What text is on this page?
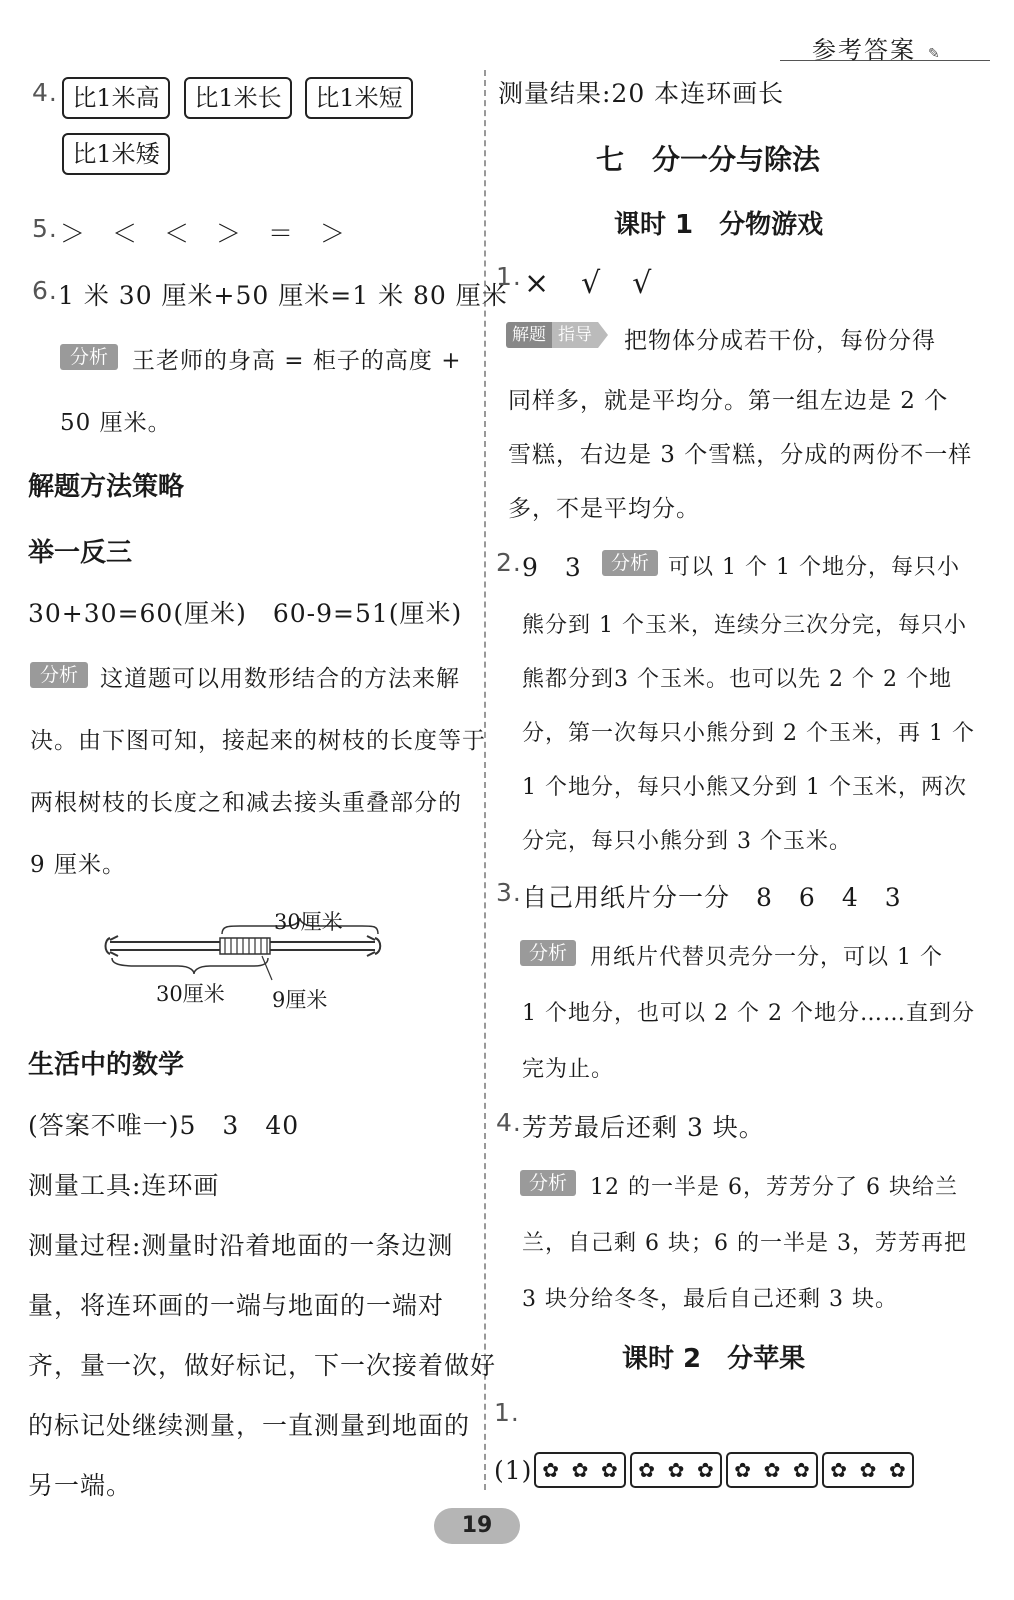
参考答案 ✎
4. 比1米高	比1米长	比1米短
比1米矮
5. ＞　＜　＜　＞　＝　＞
6. 1 米 30 厘米+50 厘米=1 米 80 厘米
分析	王老师的身高 = 柜子的高度 +
50 厘米。
解题方法策略
举一反三
30+30=60(厘米)　60-9=51(厘米)
分析 这道题可以用数形结合的方法来解
决。由下图可知，接起来的树枝的长度等于
两根树枝的长度之和减去接头重叠部分的
9 厘米。
30厘米
30厘米 9厘米
生活中的数学
(答案不唯一)5　3　40
测量工具:连环画
测量过程:测量时沿着地面的一条边测
量，将连环画的一端与地面的一端对
齐，量一次，做好标记，下一次接着做好
的标记处继续测量，一直测量到地面的
另一端。
测量结果:20 本连环画长
七　分一分与除法
课时 1　分物游戏
1. ×　√　√
解题 指导 把物体分成若干份，每份分得
同样多，就是平均分。第一组左边是 2 个
雪糕，右边是 3 个雪糕，分成的两份不一样
多，不是平均分。
2. 9　3	分析 可以 1 个 1 个地分，每只小
熊分到 1 个玉米，连续分三次分完，每只小
熊都分到3 个玉米。也可以先 2 个 2 个地
分，第一次每只小熊分到 2 个玉米，再 1 个
1 个地分，每只小熊又分到 1 个玉米，两次
分完，每只小熊分到 3 个玉米。
3. 自己用纸片分一分　8　6　4　3
分析	用纸片代替贝壳分一分，可以 1 个
1 个地分，也可以 2 个 2 个地分……直到分
完为止。
4. 芳芳最后还剩 3 块。
分析	12 的一半是 6，芳芳分了 6 块给兰
兰，自己剩 6 块；6 的一半是 3，芳芳再把
3 块分给冬冬，最后自己还剩 3 块。
课时 2　分苹果
1.
(1) ✿ ✿ ✿ ✿ ✿ ✿ ✿ ✿ ✿ ✿ ✿ ✿
19
